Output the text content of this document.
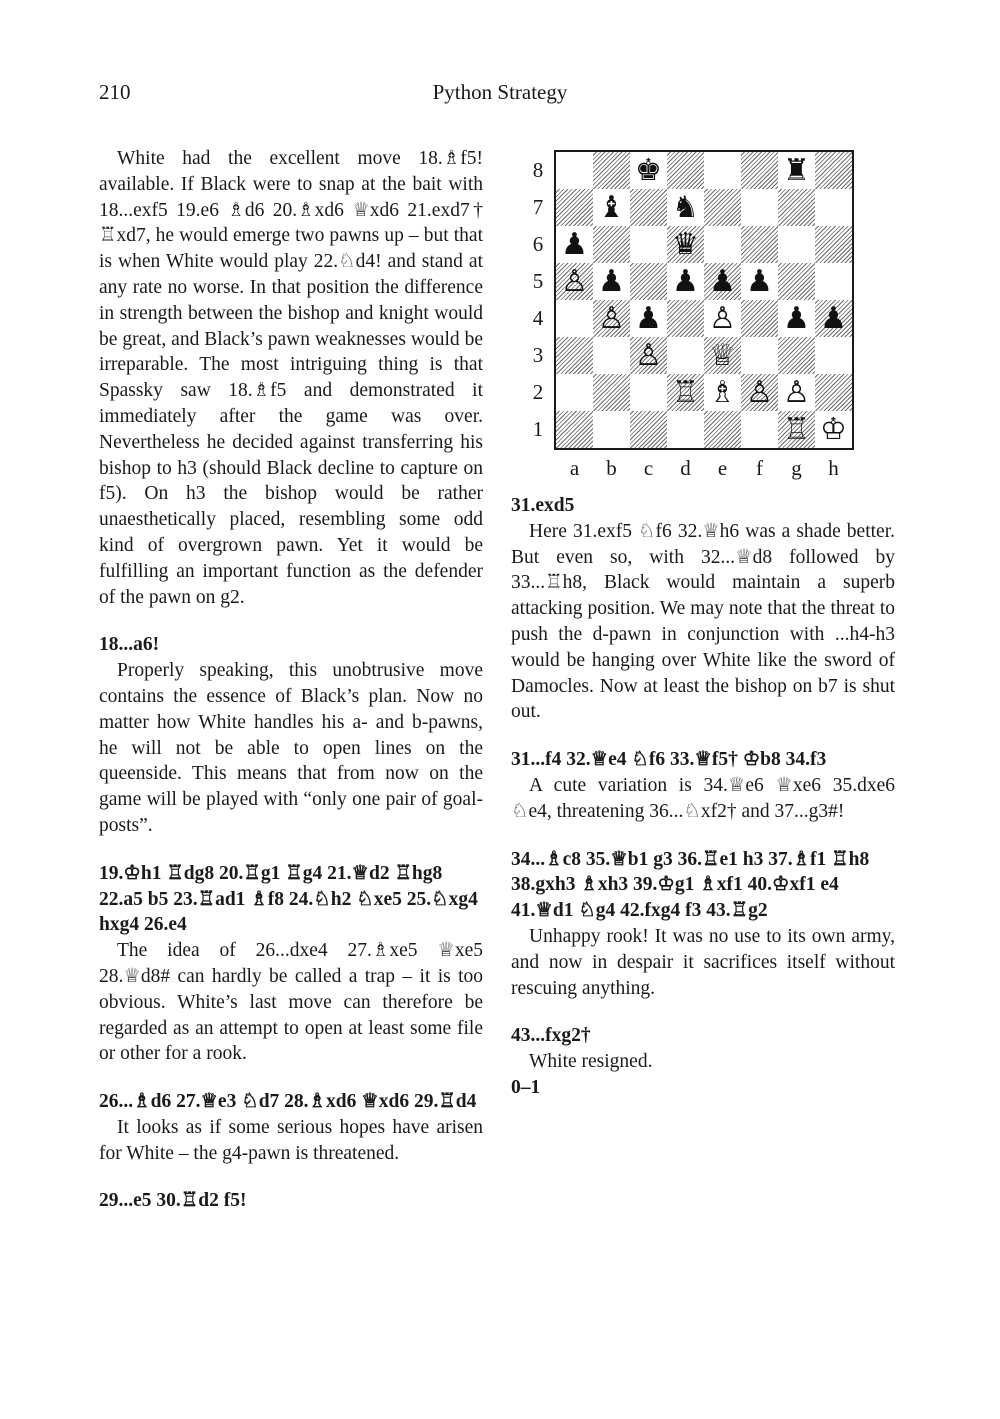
210	Python Strategy

White had the excellent move 18.♗f5! available. If Black were to snap at the bait with 18...exf5 19.e6 ♗d6 20.♗xd6 ♕xd6 21.exd7† ♖xd7, he would emerge two pawns up – but that is when White would play 22.♘d4! and stand at any rate no worse. In that position the difference in strength between the bishop and knight would be great, and Black’s pawn weaknesses would be irreparable. The most intriguing thing is that Spassky saw 18.♗f5 and demonstrated it immediately after the game was over. Nevertheless he decided against transferring his bishop to h3 (should Black decline to capture on f5). On h3 the bishop would be rather unaesthetically placed, resembling some odd kind of overgrown pawn. Yet it would be fulfilling an important function as the defender of the pawn on g2.

18...a6!

Properly speaking, this unobtrusive move contains the essence of Black’s plan. Now no matter how White handles his a- and b-pawns, he will not be able to open lines on the queenside. This means that from now on the game will be played with “only one pair of goal-posts”.

19.♔h1 ♖dg8 20.♖g1 ♖g4 21.♕d2 ♖hg8 22.a5 b5 23.♖ad1 ♗f8 24.♘h2 ♘xe5 25.♘xg4 hxg4 26.e4

The idea of 26...dxe4 27.♗xe5 ♕xe5 28.♕d8# can hardly be called a trap – it is too obvious. White’s last move can therefore be regarded as an attempt to open at least some file or other for a rook.

26...♗d6 27.♕e3 ♘d7 28.♗xd6 ♕xd6 29.♖d4

It looks as if some serious hopes have arisen for White – the g4-pawn is threatened.

29...e5 30.♖d2 f5!

♚	♜
♝ ♞
♟	♛
♙ ♟ ♟ ♟ ♟
♙ ♟ ♙ ♟ ♟
♙ ♕
♖ ♗ ♙ ♙
♖ ♔
8
7
6
5
4
3
2
1
a	b	c	d	e	f	g	h

31.exd5

Here 31.exf5 ♘f6 32.♕h6 was a shade better. But even so, with 32...♕d8 followed by 33...♖h8, Black would maintain a superb attacking position. We may note that the threat to push the d-pawn in conjunction with ...h4-h3 would be hanging over White like the sword of Damocles. Now at least the bishop on b7 is shut out.

31...f4 32.♕e4 ♘f6 33.♕f5† ♔b8 34.f3

A cute variation is 34.♕e6 ♕xe6 35.dxe6 ♘e4, threatening 36...♘xf2† and 37...g3#!

34...♗c8 35.♕b1 g3 36.♖e1 h3 37.♗f1 ♖h8 38.gxh3 ♗xh3 39.♔g1 ♗xf1 40.♔xf1 e4 41.♕d1 ♘g4 42.fxg4 f3 43.♖g2

Unhappy rook! It was no use to its own army, and now in despair it sacrifices itself without rescuing anything.

43...fxg2†

White resigned.

0–1
